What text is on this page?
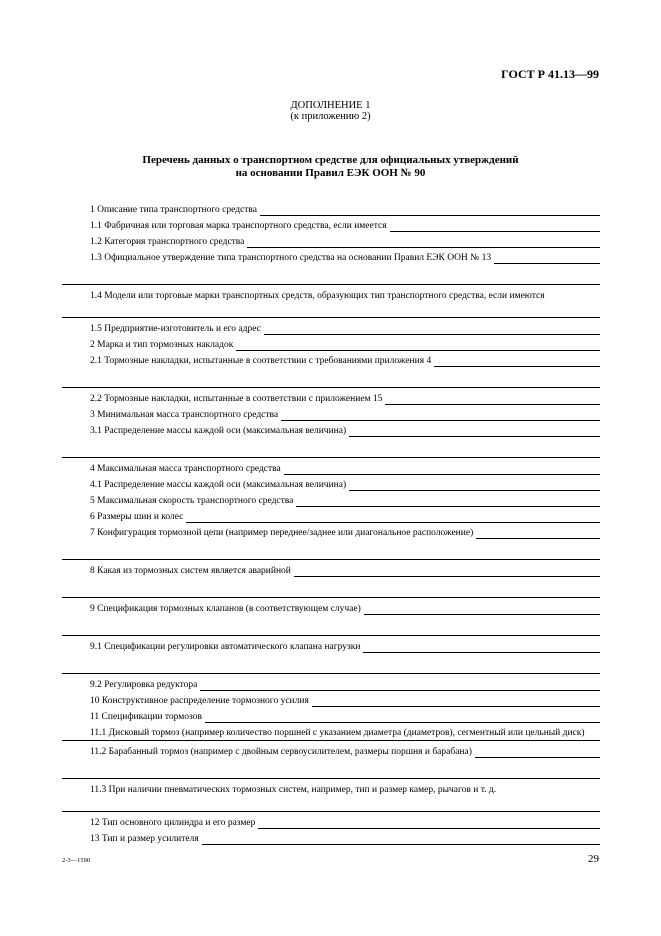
ГОСТ Р 41.13—99
ДОПОЛНЕНИЕ 1
(к приложению 2)
Перечень данных о транспортном средстве для официальных утверждений
на основании Правил ЕЭК ООН № 90
1 Описание типа транспортного средства
1.1 Фабричная или торговая марка транспортного средства, если имеется
1.2 Категория транспортного средства
1.3 Официальное утверждение типа транспортного средства на основании Правил ЕЭК ООН № 13
1.4 Модели или торговые марки транспортных средств, образующих тип транспортного средства, если имеются
1.5 Предприятие-изготовитель и его адрес
2 Марка и тип тормозных накладок
2.1 Тормозные накладки, испытанные в соответствии с требованиями приложения 4
2.2 Тормозные накладки, испытанные в соответствии с приложением 15
3 Минимальная масса транспортного средства
3.1 Распределение массы каждой оси (максимальная величина)
4 Максимальная масса транспортного средства
4.1 Распределение массы каждой оси (максимальная величина)
5 Максимальная скорость транспортного средства
6 Размеры шин и колес
7 Конфигурация тормозной цепи (например переднее/заднее или диагональное расположение)
8 Какая из тормозных систем является аварийной
9 Спецификация тормозных клапанов (в соответствующем случае)
9.1 Спецификации регулировки автоматического клапана нагрузки
9.2 Регулировка редуктора
10 Конструктивное распределение тормозного усилия
11 Спецификации тормозов
11.1 Дисковый тормоз (например количество поршней с указанием диаметра (диаметров), сегментный или цельный диск)
11.2 Барабанный тормоз (например с двойным сервоусилителем, размеры поршня и барабана)
11.3 При наличии пневматических тормозных систем, например, тип и размер камер, рычагов и т. д.
12 Тип основного цилиндра и его размер
13 Тип и размер усилителя
2-3—1590	29
